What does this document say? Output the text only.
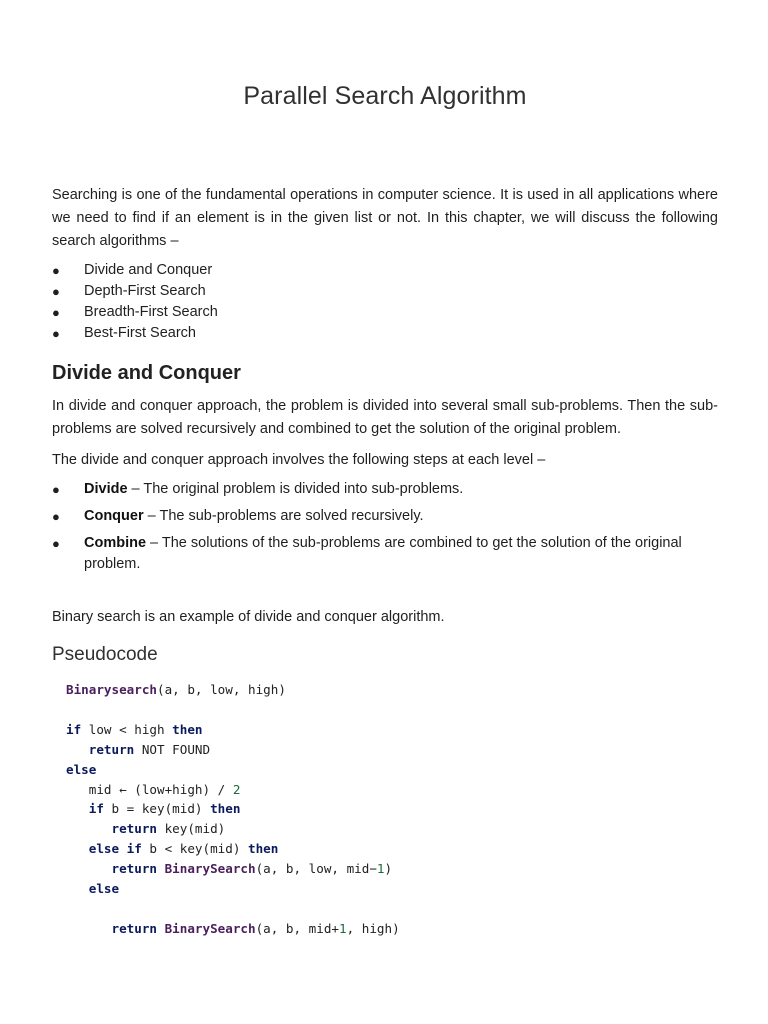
Parallel Search Algorithm

Searching is one of the fundamental operations in computer science. It is used in all applications where we need to find if an element is in the given list or not. In this chapter, we will discuss the following search algorithms –

● Divide and Conquer
● Depth-First Search
● Breadth-First Search
● Best-First Search
Divide and Conquer

In divide and conquer approach, the problem is divided into several small sub-problems. Then the sub-problems are solved recursively and combined to get the solution of the original problem.

The divide and conquer approach involves the following steps at each level –

● Divide – The original problem is divided into sub-problems.
● Conquer – The sub-problems are solved recursively.
● Combine – The solutions of the sub-problems are combined to get the solution of the original problem.

Binary search is an example of divide and conquer algorithm.

Pseudocode
Binarysearch(a, b, low, high)

if low < high then
return NOT FOUND
else
mid ← (low+high) / 2
if b = key(mid) then
return key(mid)
else if b < key(mid) then
return BinarySearch(a, b, low, mid−1)
else

return BinarySearch(a, b, mid+1, high)
